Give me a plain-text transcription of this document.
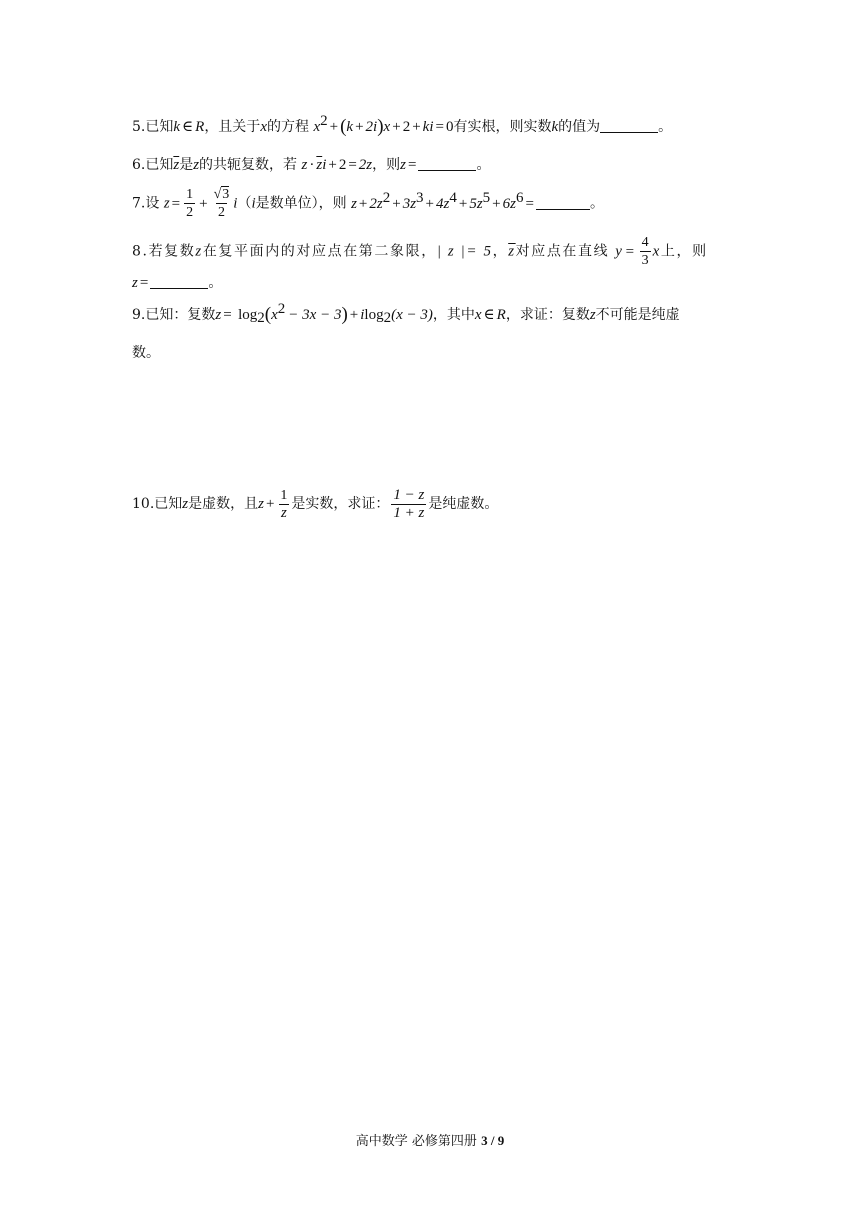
5.已知k ∈ R，且关于x的方程 $x^2 + (k + 2i)x + 2$ + ki = 0有实根，则实数k的值为	。
6.已知$\overline{z}$是z的共轭复数，若 $z \cdot \overline{z}i + 2 = 2z$，则z =	。
7.设 $z = \frac{1}{2} + \frac{√3}{2} i(i$是数单位），则 $z + 2z^2 + 3z^3 + 4z^4 + 5z^5 + 6z^6$ =	。
8.若复数z在复平面内的对应点在第二象限，| z |= 5，$\overline{z}$对应点在直线 $y = \frac{4}{3}$ x上，则
z =	。
9.已知：复数$z = \log_2(x^2 - 3x - 3) + ilog_2(x - 3)$，其中x ∈ R，求证：复数z不可能是纯虚
数。
10.已知z是虚数，且$z + \frac{1}{z}$ 是实数，求证： $\frac{1 - z}{1 + z}$ 是纯虚数。
高中数学 必修第四册 3 / 9
